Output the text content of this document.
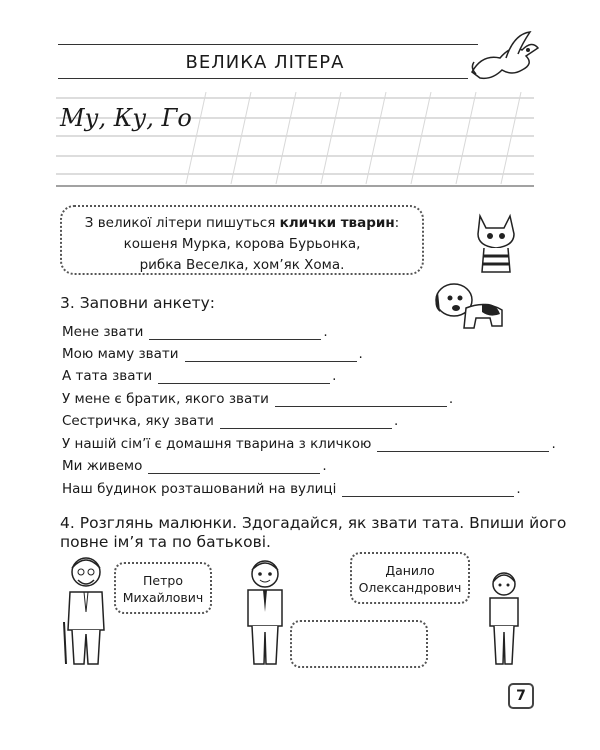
ВЕЛИКА ЛІТЕРА
Му, Ку, Го
З великої літери пишуться клички тварин:
кошеня Мурка, корова Бурьонка,
рибка Веселка, хом’як Хома.
3. Заповни анкету:
Мене звати	.
Мою маму звати	.
А тата звати	.
У мене є братик, якого звати	.
Сестричка, яку звати	.
У нашій сім’ї є домашня тварина з кличкою	.
Ми живемо	.
Наш будинок розташований на вулиці	.
4. Розглянь малюнки. Здогадайся, як звати тата. Впиши його
повне ім’я та по батькові.
Петро
Михайлович
Данило
Олександрович
7
